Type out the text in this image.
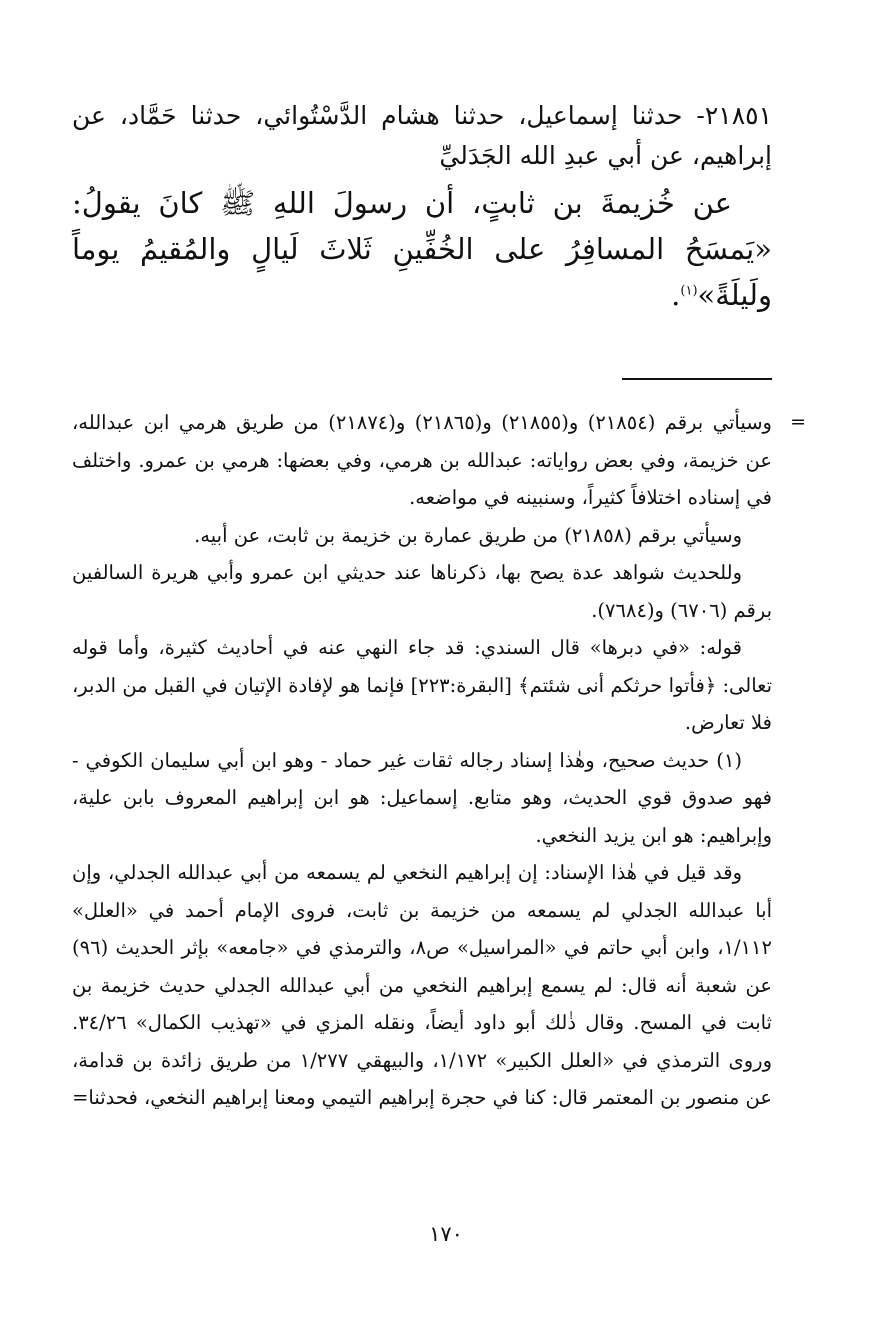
٢١٨٥١- حدثنا إسماعيل، حدثنا هشام الدَّسْتُوائي، حدثنا حَمَّاد، عن إبراهيم، عن أبي عبدِ الله الجَدَليِّ

عن خُزيمةَ بن ثابتٍ، أن رسولَ اللهِ ﷺ كانَ يقولُ: «يَمسَحُ المسافِرُ على الخُفِّينِ ثَلاثَ لَيالٍ والمُقيمُ يوماً ولَيلَةً»$^{(١)}$.

=
وسيأتي برقم (٢١٨٥٤) و(٢١٨٥٥) و(٢١٨٦٥) و(٢١٨٧٤) من طريق هرمي ابن عبدالله، عن خزيمة، وفي بعض رواياته: عبدالله بن هرمي، وفي بعضها: هرمي بن عمرو. واختلف في إسناده اختلافاً كثيراً، وسنبينه في مواضعه.

وسيأتي برقم (٢١٨٥٨) من طريق عمارة بن خزيمة بن ثابت، عن أبيه.

وللحديث شواهد عدة يصح بها، ذكرناها عند حديثي ابن عمرو وأبي هريرة السالفين برقم (٦٧٠٦) و(٧٦٨٤).

قوله: «في دبرها» قال السندي: قد جاء النهي عنه في أحاديث كثيرة، وأما قوله تعالى: ﴿فأتوا حرثكم أنى شئتم﴾ [البقرة:٢٢٣] فإنما هو لإفادة الإتيان في القبل من الدبر، فلا تعارض.

(١) حديث صحيح، وهٰذا إسناد رجاله ثقات غير حماد - وهو ابن أبي سليمان الكوفي - فهو صدوق قوي الحديث، وهو متابع. إسماعيل: هو ابن إبراهيم المعروف بابن علية، وإبراهيم: هو ابن يزيد النخعي.

وقد قيل في هٰذا الإسناد: إن إبراهيم النخعي لم يسمعه من أبي عبدالله الجدلي، وإن أبا عبدالله الجدلي لم يسمعه من خزيمة بن ثابت، فروى الإمام أحمد في «العلل» ١/١١٢، وابن أبي حاتم في «المراسيل» ص٨، والترمذي في «جامعه» بإثر الحديث (٩٦) عن شعبة أنه قال: لم يسمع إبراهيم النخعي من أبي عبدالله الجدلي حديث خزيمة بن ثابت في المسح. وقال ذٰلك أبو داود أيضاً، ونقله المزي في «تهذيب الكمال» ٣٤/٢٦. وروى الترمذي في «العلل الكبير» ١/١٧٢، والبيهقي ١/٢٧٧ من طريق زائدة بن قدامة، عن منصور بن المعتمر قال: كنا في حجرة إبراهيم التيمي ومعنا إبراهيم النخعي، فحدثنا=

١٧٠
